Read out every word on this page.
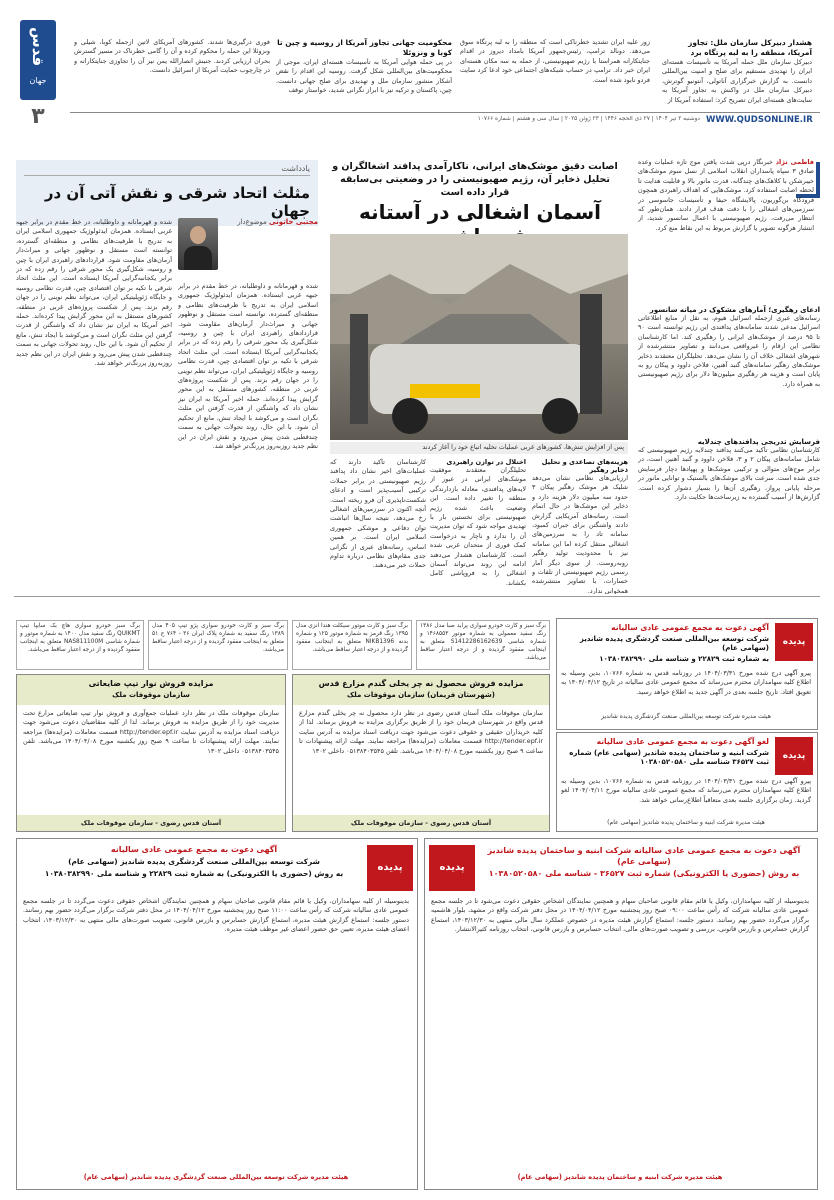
قدس
جهان
۳
هشدار دبیرکل سازمان ملل: تجاوز آمریکا، منطقه را به لبه پرتگاه برد
دبیرکل سازمان ملل حمله آمریکا به تأسیسات هسته‌ای ایران را تهدیدی مستقیم برای صلح و امنیت بین‌المللی دانست. به گزارش خبرگزاری آناتولی، آنتونیو گوترش، دبیرکل سازمان ملل در واکنش به تجاوز آمریکا به سایت‌های هسته‌ای ایران تصریح کرد: استفاده آمریکا از
زور علیه ایران تشدید خطرناکی است که منطقه را به لبه پرتگاه سوق می‌دهد. دونالد ترامپ، رئیس‌جمهور آمریکا بامداد دیروز در اقدام جنایتکارانه همراستا با رژیم صهیونیستی، از حمله به سه مکان هسته‌ای ایران خبر داد. ترامپ در حساب شبکه‌های اجتماعی خود ادعا کرد سایت فردو نابود شده است.
محکومیت جهانی تجاوز آمریکا از روسیه و چین تا کوبا و ونزوئلا
در پی حمله هوایی آمریکا به تأسیسات هسته‌ای ایران، موجی از محکومیت‌های بین‌المللی شکل گرفت. روسیه این اقدام را نقض آشکار منشور سازمان ملل و تهدیدی برای صلح جهانی دانست. چین، پاکستان و ترکیه نیز با ابراز نگرانی شدید، خواستار توقف
فوری درگیری‌ها شدند. کشورهای آمریکای لاتین ازجمله کوبا، شیلی و ونزوئلا این حمله را محکوم کرده و آن را گامی خطرناک در مسیر گسترش بحران ارزیابی کردند. جنبش انصارالله یمن نیز آن را تجاوزی جنایتکارانه و در چارچوب حمایت آمریکا از اسرائیل دانست.
WWW.QUDSONLINE.IR
دوشنبه ۲ تیر ۱۴۰۴ | ۲۷ ذی الحجه ۱۴۴۶ | ۲۳ ژوئن ۲۰۲۵ | سال سی و هشتم | شماره ۱۰۷۶۶
یادداشت
مثلث اتحاد شرقی و نقش آتی آن در جهان
مجتبی خاتونی موضوع‌دار
شده و قهرمانانه و داوطلبانه، در خط مقدم در برابر جبهه غربی ایستاده. همزمان ایدئولوژیک جمهوری اسلامی ایران به تدریج با ظرفیت‌های نظامی و منطقه‌ای گسترده، توانسته است مستقل و نوظهور جهانی و میراث‌دار آرمان‌های مقاومت شود. قراردادهای راهبردی ایران با چین و روسیه، شکل‌گیری یک محور شرقی را رقم زده که در برابر یکجانبه‌گرایی آمریکا ایستاده است. این مثلث اتحاد شرقی با تکیه بر توان اقتصادی چین، قدرت نظامی روسیه و جایگاه ژئوپلیتیکی ایران، می‌تواند نظم نوینی را در جهان رقم بزند. پس از شکست پروژه‌های غربی در منطقه، کشورهای مستقل به این محور گرایش پیدا کرده‌اند. حمله اخیر آمریکا به ایران نیز نشان داد که واشنگتن از قدرت گرفتن این مثلث نگران است و می‌کوشد با ایجاد تنش، مانع از تحکیم آن شود. با این حال، روند تحولات جهانی به سمت چندقطبی شدن پیش می‌رود و نقش ایران در این نظم جدید روزبه‌روز پررنگ‌تر خواهد شد.
شده و قهرمانانه و داوطلبانه، در خط مقدم در برابر جبهه غربی ایستاده. همزمان ایدئولوژیک جمهوری اسلامی ایران به تدریج با ظرفیت‌های نظامی و منطقه‌ای گسترده، توانسته است مستقل و نوظهور جهانی و میراث‌دار آرمان‌های مقاومت شود. قراردادهای راهبردی ایران با چین و روسیه، شکل‌گیری یک محور شرقی را رقم زده که در برابر یکجانبه‌گرایی آمریکا ایستاده است. این مثلث اتحاد شرقی با تکیه بر توان اقتصادی چین، قدرت نظامی روسیه و جایگاه ژئوپلیتیکی ایران، می‌تواند نظم نوینی را در جهان رقم بزند. پس از شکست پروژه‌های غربی در منطقه، کشورهای مستقل به این محور گرایش پیدا کرده‌اند. حمله اخیر آمریکا به ایران نیز نشان داد که واشنگتن از قدرت گرفتن این مثلث نگران است و می‌کوشد با ایجاد تنش، مانع از تحکیم آن شود. با این حال، روند تحولات جهانی به سمت چندقطبی شدن پیش می‌رود و نقش ایران در این نظم جدید روزبه‌روز پررنگ‌تر خواهد شد.
اصابت دقیق موشک‌های ایرانی، ناکارآمدی پدافند اشغالگران و تحلیل ذخایر آن، رژیم صهیونیستی را در وضعیتی بی‌سابقه قرار داده است
آسمان اشغالی در آستانه
فاطمی نژاد خبرنگار درپی شدت یافتن موج تازه عملیات وعده صادق ۳ سپاه پاسداران انقلاب اسلامی از نسل سوم موشک‌های خیبرشکن با کلاهک‌های چندگانه، قدرت مانور بالا و قابلیت هدایت تا لحظه اصابت استفاده کرد. موشک‌هایی که اهداف راهبردی همچون فرودگاه بن‌گوریون، پالایشگاه حیفا و تأسیسات جاسوسی در سرزمین‌های اشغالی را با دقت هدف قرار دادند. همان‌طور که انتظار می‌رفت، رژیم صهیونیستی با اعمال سانسور شدید، از انتشار هرگونه تصویر یا گزارش مربوط به این نقاط منع کرد.
ادعای رهگیری؛ آمارهای مشکوک در میانه سانسور
رسانه‌های عبری ازجمله اسرائیل هیوم، به نقل از منابع اطلاعاتی اسرائیل مدعی شدند سامانه‌های پدافندی این رژیم توانسته است ۹۰ تا ۹۵ درصد از موشک‌های ایرانی را رهگیری کند. اما کارشناسان نظامی این ارقام را غیرواقعی می‌دانند و تصاویر منتشرشده از شهرهای اشغالی خلاف آن را نشان می‌دهد. تحلیلگران معتقدند ذخایر موشک‌های رهگیر سامانه‌های گنبد آهنین، فلاخن داوود و پیکان رو به پایان است و هزینه هر رهگیری میلیون‌ها دلار برای رژیم صهیونیستی به همراه دارد.
فرسایش تدریجی پدافندهای چندلایه
کارشناسان نظامی تأکید می‌کنند پدافند چندلایه رژیم صهیونیستی که شامل سامانه‌های پیکان ۲ و ۳، فلاخن داوود و گنبد آهنین است، در برابر موج‌های متوالی و ترکیبی موشک‌ها و پهپادها دچار فرسایش جدی شده است. سرعت بالای موشک‌های بالستیک و توانایی مانور در مرحله پایانی پرواز، رهگیری آن‌ها را بسیار دشوار کرده است. گزارش‌ها از آسیب گسترده به زیرساخت‌ها حکایت دارد.
پس از افزایش تنش‌ها، کشورهای غربی عملیات تخلیه اتباع خود را آغاز کردند
هزینه‌های تصاعدی و تحلیل ذخایر رهگیر
ارزیابی‌های نظامی نشان می‌دهد شلیک هر موشک رهگیر پیکان ۳ حدود سه میلیون دلار هزینه دارد و ذخایر این موشک‌ها در حال اتمام است. رسانه‌های آمریکایی گزارش دادند واشنگتن برای جبران کمبود، سامانه تاد را به سرزمین‌های اشغالی منتقل کرده اما این سامانه نیز با محدودیت تولید رهگیر روبه‌روست. از سوی دیگر آمار رسمی رژیم صهیونیستی از تلفات و خسارات، با تصاویر منتشرشده همخوانی ندارد.
اختلال در توازن راهبردی
تحلیلگران معتقدند موفقیت موشک‌های ایرانی در عبور از لایه‌های پدافندی، معادله بازدارندگی منطقه را تغییر داده است. این وضعیت باعث شده رژیم صهیونیستی برای نخستین بار با تهدیدی مواجه شود که توان مدیریت آن را ندارد و ناچار به درخواست کمک فوری از متحدان غربی شده است. کارشناسان هشدار می‌دهند ادامه این روند می‌تواند آسمان اشغالی را به فروپاشی کامل بکشاند.
کارشناسان تأکید دارند که عملیات‌های اخیر نشان داد پدافند رژیم صهیونیستی در برابر حملات ترکیبی آسیب‌پذیر است و ادعای شکست‌ناپذیری آن فرو ریخته است. آنچه اکنون در سرزمین‌های اشغالی رخ می‌دهد، نتیجه سال‌ها انباشت توان دفاعی و موشکی جمهوری اسلامی ایران است. بر همین اساس، رسانه‌های عبری از نگرانی جدی مقام‌های نظامی درباره تداوم حملات خبر می‌دهند.
پدیده
آگهی دعوت به مجمع عمومی عادی سالیانه
شرکت توسعه بین‌المللی صنعت گردشگری پدیده شاندیز (سهامی عام)
به شماره ثبت ۲۲۸۲۹ و شناسه ملی ۱۰۳۸۰۳۸۲۹۹۰
پیرو آگهی درج شده مورخ ۱۴۰۴/۰۳/۳۱ در روزنامه قدس به شماره ۱۰۷۶۶، بدین وسیله به اطلاع کلیه سهامداران محترم می‌رساند که مجمع عمومی عادی سالیانه در تاریخ ۱۴۰۴/۰۴/۱۲ به تعویق افتاد. تاریخ جلسه بعدی در آگهی جدید به اطلاع خواهد رسید.
هیئت مدیره شرکت توسعه بین‌المللی صنعت گردشگری پدیده شاندیز
پدیده
لغو آگهی دعوت به مجمع عمومی عادی سالیانه
شرکت ابنیه و ساختمان پدیده شاندیز (سهامی عام) شماره ثبت ۳۶۵۲۷ شناسه ملی ۱۰۳۸۰۵۲۰۵۸۰
پیرو آگهی درج شده مورخ ۱۴۰۴/۰۳/۳۱ در روزنامه قدس به شماره ۱۰۷۶۶، بدین وسیله به اطلاع کلیه سهامداران محترم می‌رساند که مجمع عمومی عادی سالیانه مورخ ۱۴۰۴/۰۴/۱۱ لغو گردید. زمان برگزاری جلسه بعدی متعاقباً اطلاع‌رسانی خواهد شد.
هیئت مدیره شرکت ابنیه و ساختمان پدیده شاندیز (سهامی عام)
مزایده فروش محصول نه چر یخلی گندم مزارع قدس
(شهرستان فریمان) سازمان موقوفات ملک
سازمان موقوفات ملک آستان قدس رضوی در نظر دارد محصول نه چر یخلی گندم مزارع قدس واقع در شهرستان فریمان خود را از طریق برگزاری مزایده به فروش برساند. لذا از کلیه خریداران حقیقی و حقوقی دعوت می‌شود جهت دریافت اسناد مزایده به آدرس سایت http://tender.epf.ir قسمت معاملات (مزایده‌ها) مراجعه نمایند. مهلت ارائه پیشنهادات تا ساعت ۹ صبح روز یکشنبه مورخ ۱۴۰۴/۰۴/۰۸ می‌باشد. تلفن ۰۵۱۳۸۴۰۳۵۴۵ داخلی ۱۳۰۲
آستان قدس رضوی - سازمان موقوفات ملک
مزایده فروش نوار تیپ ضایعاتی
سازمان موقوفات ملک
سازمان موقوفات ملک در نظر دارد عملیات جمع‌آوری و فروش نوار تیپ ضایعاتی مزارع تحت مدیریت خود را از طریق مزایده به فروش برساند. لذا از کلیه متقاضیان دعوت می‌شود جهت دریافت اسناد مزایده به آدرس سایت http://tender.epf.ir قسمت معاملات (مزایده‌ها) مراجعه نمایند. مهلت ارائه پیشنهادات تا ساعت ۹ صبح روز یکشنبه مورخ ۱۴۰۴/۰۴/۰۸ می‌باشد. تلفن ۰۵۱۳۸۴۰۳۵۴۵ داخلی ۱۳۰۲
آستان قدس رضوی - سازمان موقوفات ملک
برگ سبز و کارت خودرو سواری پراید صبا مدل ۱۳۸۶ رنگ سفید معمولی به شماره موتور ۱۴۶۸۵۵۳ و شماره شاسی S1412286162639 متعلق به اینجانب مفقود گردیده و از درجه اعتبار ساقط می‌باشد.
برگ سبز و کارت موتور سیکلت هندا انزی مدل ۱۳۹۵ رنگ قرمز به شماره موتور ۱۲۵ و شماره بدنه NIKB1396 متعلق به اینجانب مفقود گردیده و از درجه اعتبار ساقط می‌باشد.
برگ سبز و کارت خودرو سواری پژو تیپ ۴۰۵ مدل ۱۳۸۹ رنگ سفید به شماره پلاک ایران ۳۶ - ۷۶۴ ج ۵۱ متعلق به اینجانب مفقود گردیده و از درجه اعتبار ساقط می‌باشد.
برگ سبز خودرو سواری هاچ بک سایپا تیپ QUIKMT رنگ سفید مدل ۱۴۰۰ به شماره موتور و شماره شاسی NAS811100M متعلق به اینجانب مفقود گردیده و از درجه اعتبار ساقط می‌باشد.
پدیده
آگهی دعوت به مجمع عمومی عادی سالیانه شرکت ابنیه و ساختمان پدیده شاندیز (سهامی عام)
به روش (حضوری یا الکترونیکی) شماره ثبت ۳۶۵۲۷ - شناسه ملی ۱۰۳۸۰۵۲۰۵۸۰
بدینوسیله از کلیه سهامداران، وکیل یا قائم مقام قانونی صاحبان سهام و همچنین نمایندگان اشخاص حقوقی دعوت می‌شود تا در جلسه مجمع عمومی عادی سالیانه شرکت که رأس ساعت ۰۹:۰۰ صبح روز پنجشنبه مورخ ۱۴۰۴/۰۴/۱۲ در محل دفتر شرکت واقع در مشهد، بلوار هاشمیه برگزار می‌گردد حضور بهم رسانند. دستور جلسه: استماع گزارش هیئت مدیره در خصوص عملکرد سال مالی منتهی به ۱۴۰۳/۱۲/۳۰، استماع گزارش حسابرس و بازرس قانونی، بررسی و تصویب صورت‌های مالی، انتخاب حسابرس و بازرس قانونی، انتخاب روزنامه کثیرالانتشار.
هیئت مدیره شرکت ابنیه و ساختمان پدیده شاندیز (سهامی عام)
پدیده
آگهی دعوت به مجمع عمومی عادی سالیانه
شرکت توسعه بین‌المللی صنعت گردشگری پدیده شاندیز (سهامی عام)
به روش (حضوری یا الکترونیکی) به شماره ثبت ۲۲۸۲۹ و شناسه ملی ۱۰۳۸۰۳۸۲۹۹۰
بدینوسیله از کلیه سهامداران، وکیل یا قائم مقام قانونی صاحبان سهام و همچنین نمایندگان اشخاص حقوقی دعوت می‌گردد تا در جلسه مجمع عمومی عادی سالیانه شرکت که رأس ساعت ۱۱:۰۰ صبح روز پنجشنبه مورخ ۱۴۰۴/۰۴/۱۲ در محل دفتر شرکت برگزار می‌گردد حضور بهم رسانند. دستور جلسه: استماع گزارش هیئت مدیره، استماع گزارش حسابرس و بازرس قانونی، تصویب صورت‌های مالی منتهی به ۱۴۰۳/۱۲/۳۰، انتخاب اعضای هیئت مدیره، تعیین حق حضور اعضای غیر موظف هیئت مدیره.
هیئت مدیره شرکت توسعه بین‌المللی صنعت گردشگری پدیده شاندیز (سهامی عام)
